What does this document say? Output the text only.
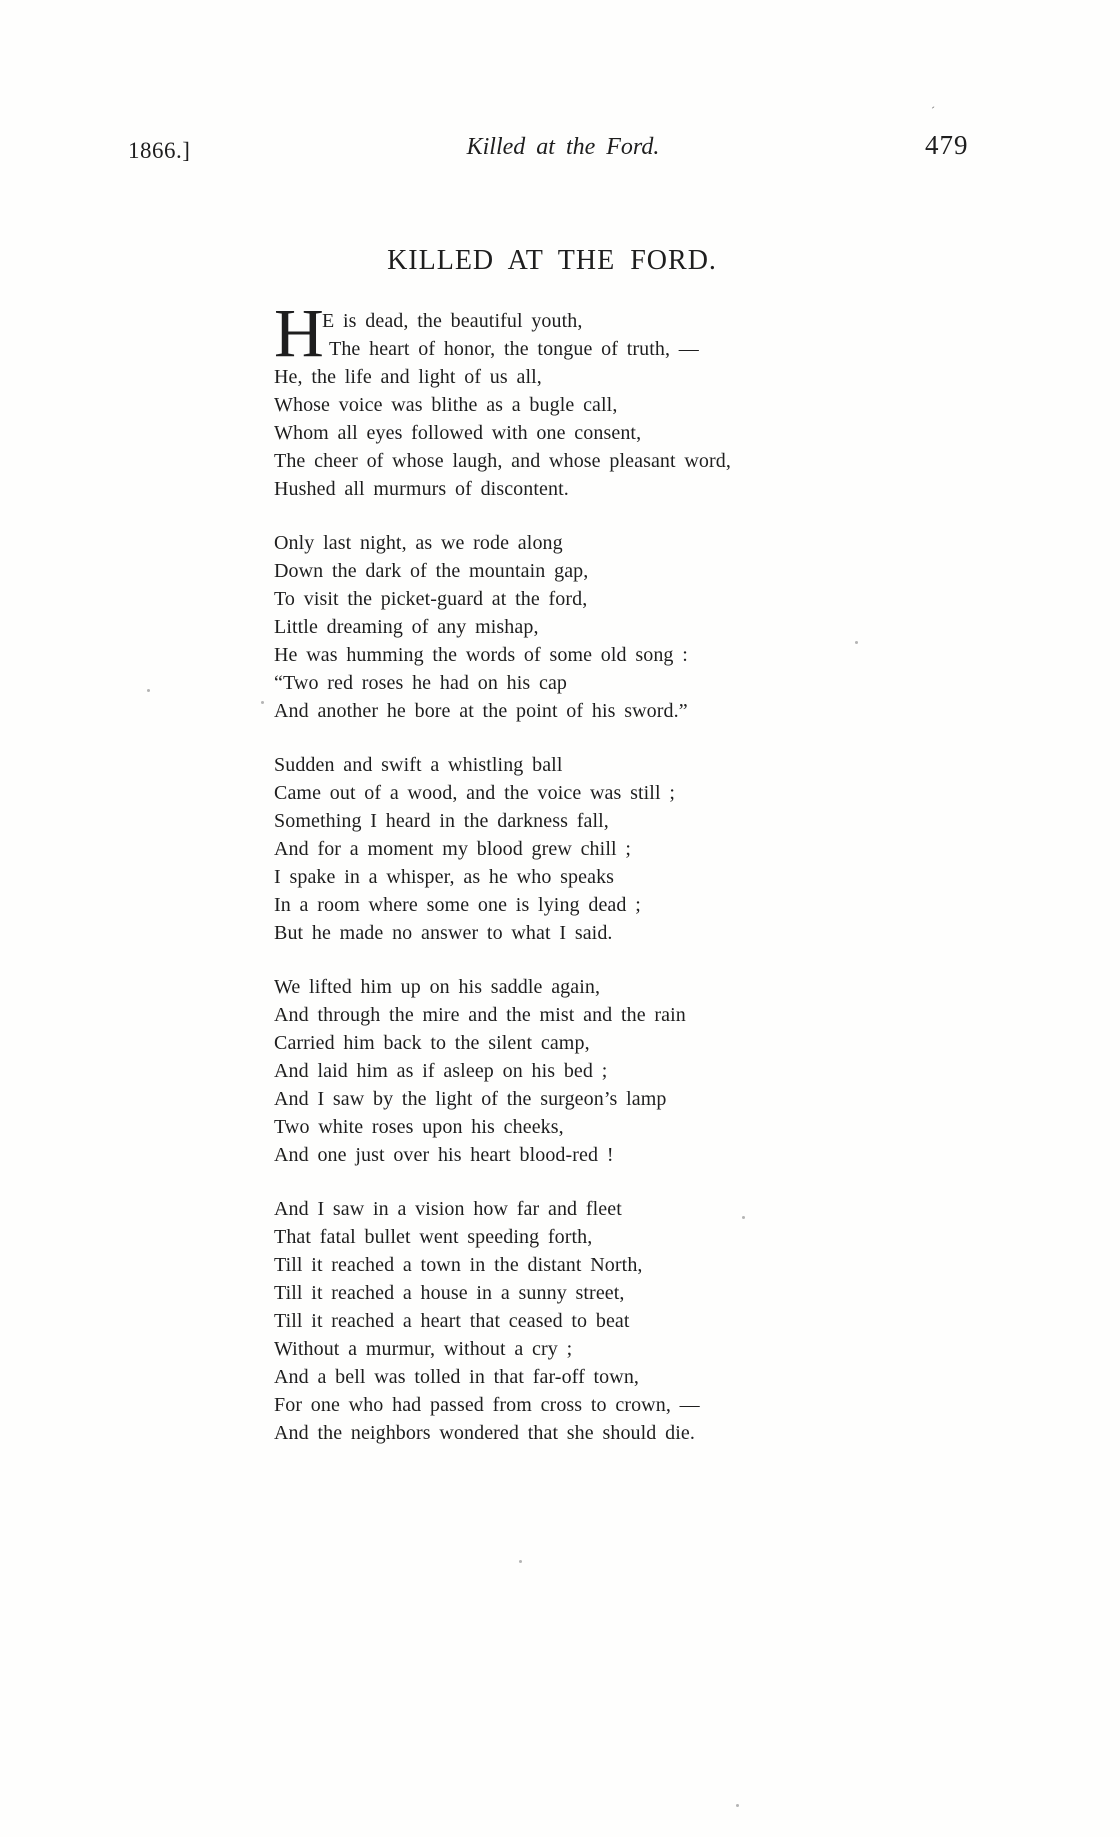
1866.]	Killed at the Ford.	479
KILLED AT THE FORD.
H
E is dead, the beautiful youth,
The heart of honor, the tongue of truth, —
He, the life and light of us all,
Whose voice was blithe as a bugle call,
Whom all eyes followed with one consent,
The cheer of whose laugh, and whose pleasant word,
Hushed all murmurs of discontent.
Only last night, as we rode along
Down the dark of the mountain gap,
To visit the picket-guard at the ford,
Little dreaming of any mishap,
He was humming the words of some old song :
“Two red roses he had on his cap
And another he bore at the point of his sword.”
Sudden and swift a whistling ball
Came out of a wood, and the voice was still ;
Something I heard in the darkness fall,
And for a moment my blood grew chill ;
I spake in a whisper, as he who speaks
In a room where some one is lying dead ;
But he made no answer to what I said.
We lifted him up on his saddle again,
And through the mire and the mist and the rain
Carried him back to the silent camp,
And laid him as if asleep on his bed ;
And I saw by the light of the surgeon’s lamp
Two white roses upon his cheeks,
And one just over his heart blood-red !
And I saw in a vision how far and fleet
That fatal bullet went speeding forth,
Till it reached a town in the distant North,
Till it reached a house in a sunny street,
Till it reached a heart that ceased to beat
Without a murmur, without a cry ;
And a bell was tolled in that far-off town,
For one who had passed from cross to crown, —
And the neighbors wondered that she should die.
ˊ
